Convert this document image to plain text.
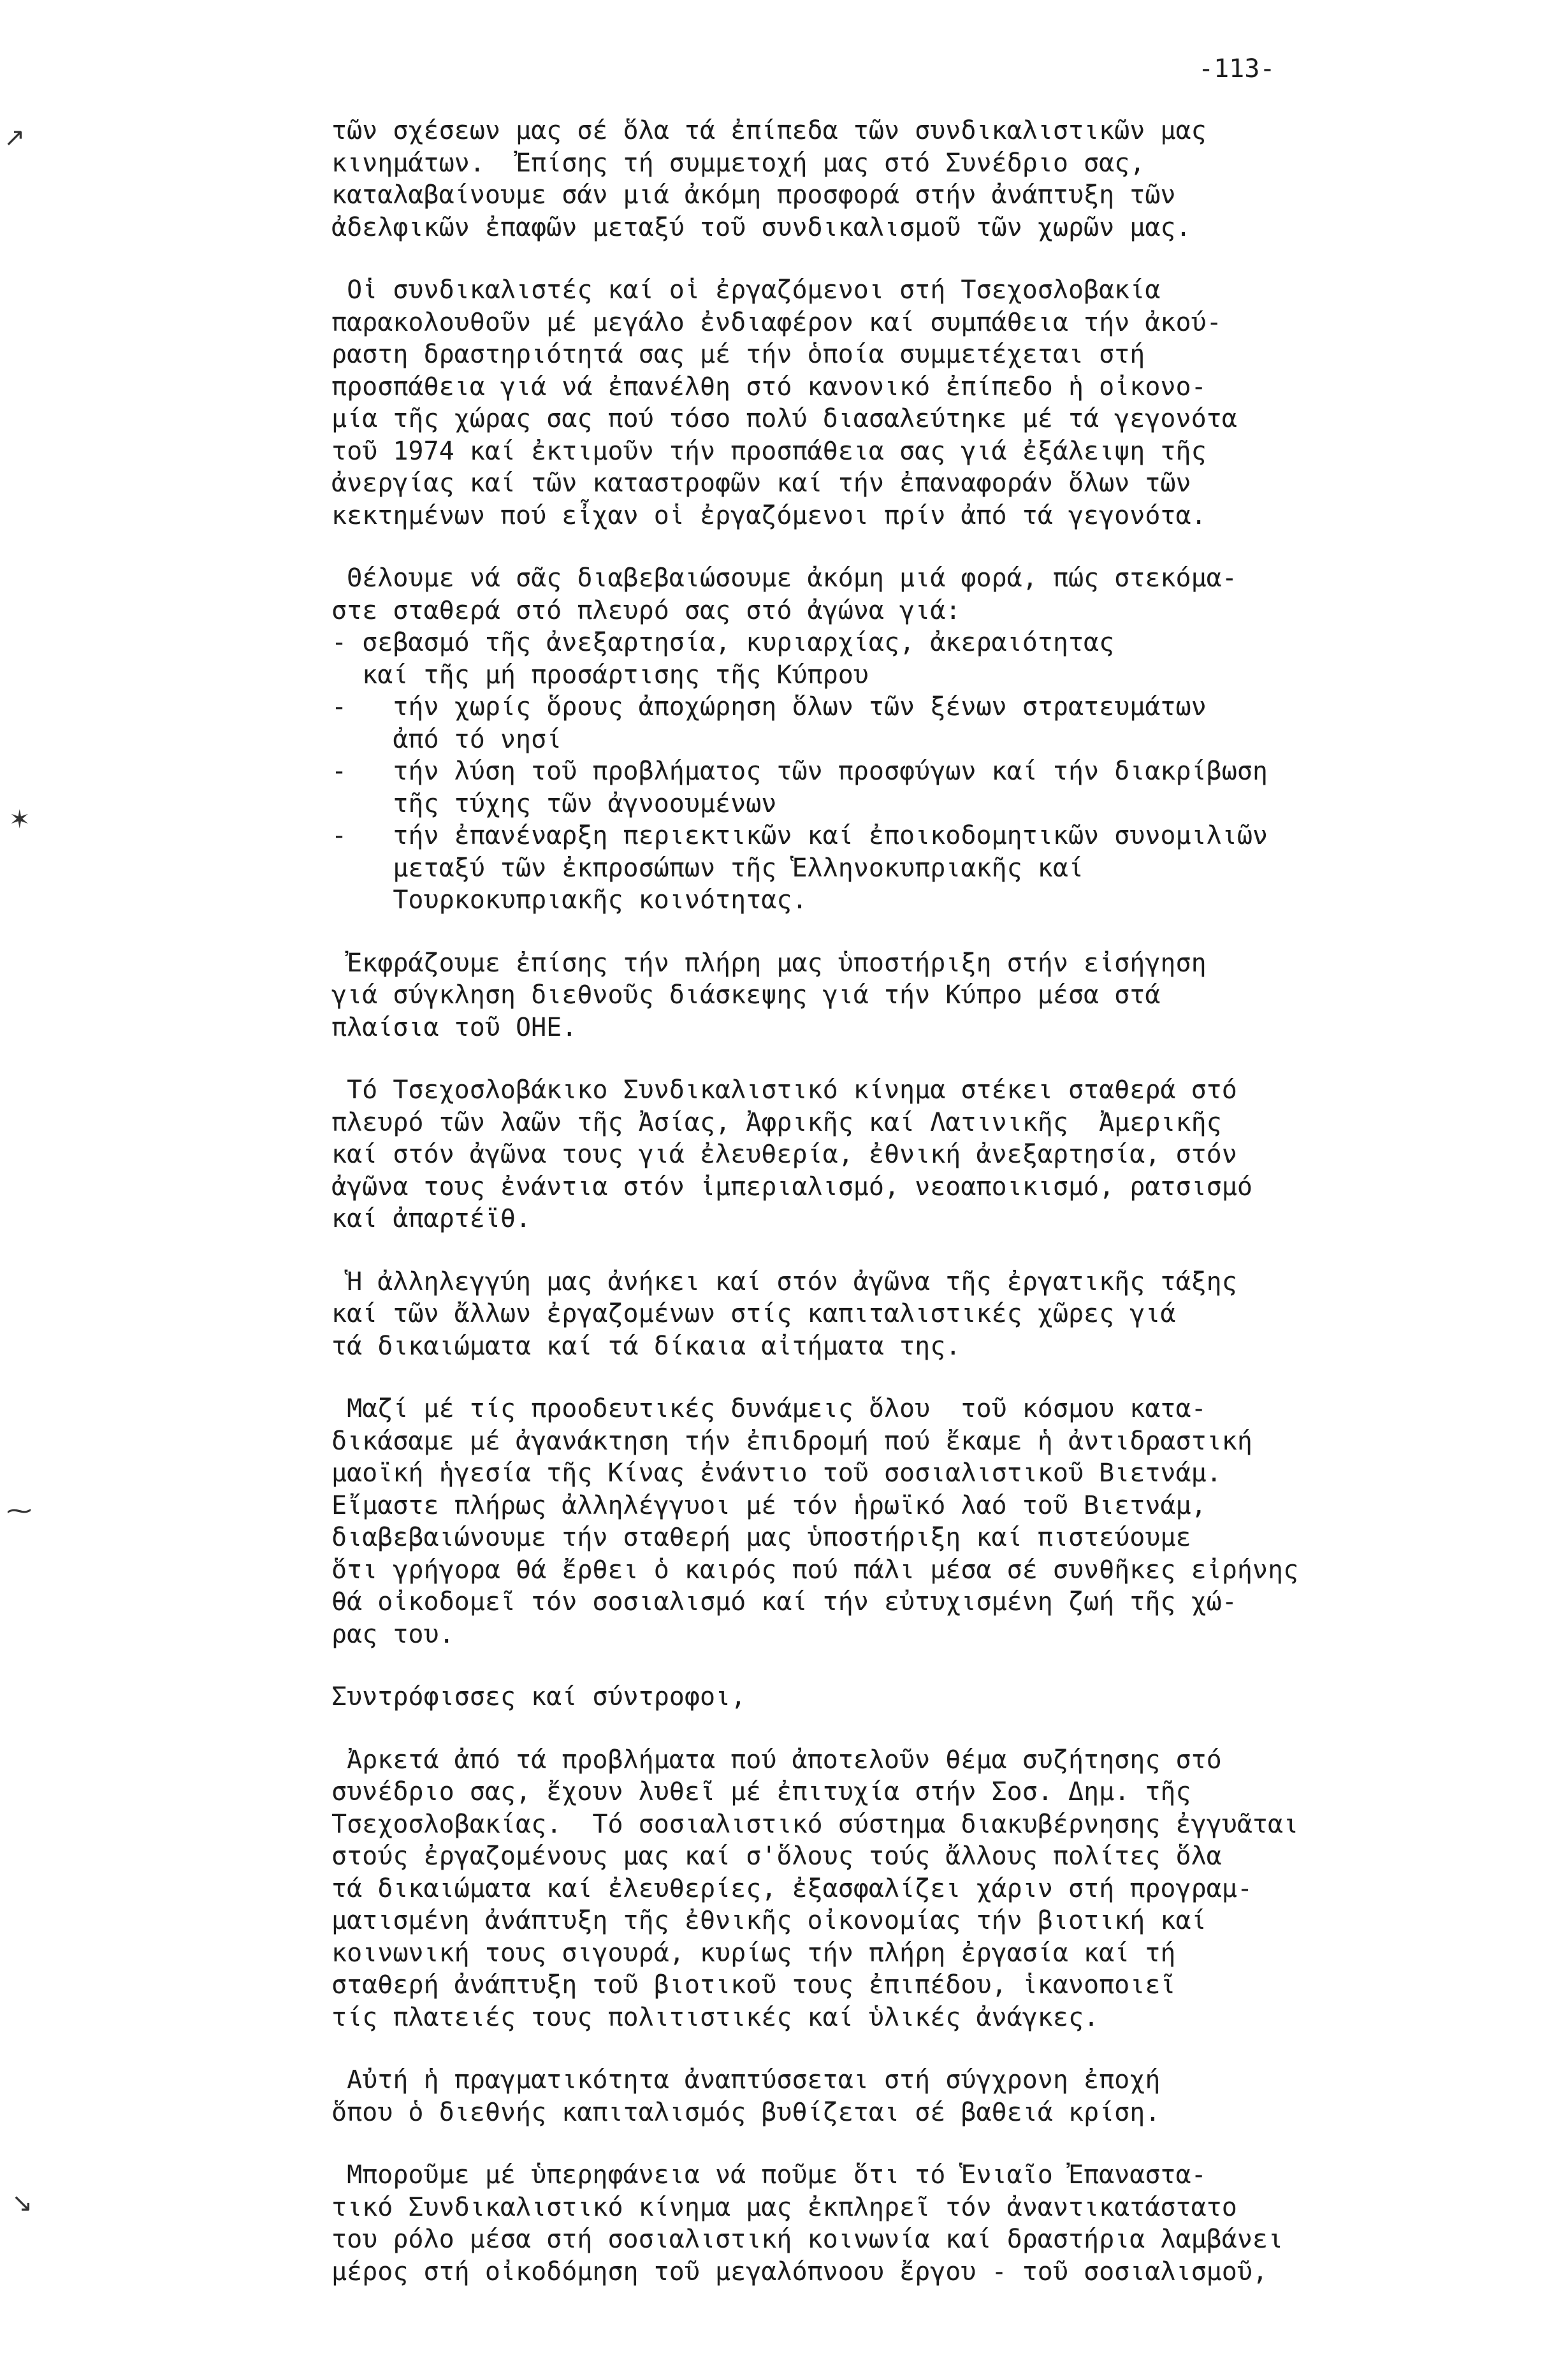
-113-
τῶν σχέσεων μας σέ ὅλα τά ἐπίπεδα τῶν συνδικαλιστικῶν μας
κινημάτων.  Ἐπίσης τή συμμετοχή μας στό Συνέδριο σας,
καταλαβαίνουμε σάν μιά ἀκόμη προσφορά στήν ἀνάπτυξη τῶν
ἀδελφικῶν ἐπαφῶν μεταξύ τοῦ συνδικαλισμοῦ τῶν χωρῶν μας.
Οἱ συνδικαλιστές καί οἱ ἐργαζόμενοι στή Τσεχοσλοβακία
παρακολουθοῦν μέ μεγάλο ἐνδιαφέρον καί συμπάθεια τήν ἀκού-
ραστη δραστηριότητά σας μέ τήν ὁποία συμμετέχεται στή
προσπάθεια γιά νά ἐπανέλθη στό κανονικό ἐπίπεδο ἡ οἰκονο-
μία τῆς χώρας σας πού τόσο πολύ διασαλεύτηκε μέ τά γεγονότα
τοῦ 1974 καί ἐκτιμοῦν τήν προσπάθεια σας γιά ἐξάλειψη τῆς
ἀνεργίας καί τῶν καταστροφῶν καί τήν ἐπαναφοράν ὅλων τῶν
κεκτημένων πού εἶχαν οἱ ἐργαζόμενοι πρίν ἀπό τά γεγονότα.
Θέλουμε νά σᾶς διαβεβαιώσουμε ἀκόμη μιά φορά, πώς στεκόμα-
στε σταθερά στό πλευρό σας στό ἀγώνα γιά:
- σεβασμό τῆς ἀνεξαρτησία, κυριαρχίας, ἀκεραιότητας
καί τῆς μή προσάρτισης τῆς Κύπρου
-   τήν χωρίς ὅρους ἀποχώρηση ὅλων τῶν ξένων στρατευμάτων
ἀπό τό νησί
-   τήν λύση τοῦ προβλήματος τῶν προσφύγων καί τήν διακρίβωση
τῆς τύχης τῶν ἀγνοουμένων
-   τήν ἐπανέναρξη περιεκτικῶν καί ἐποικοδομητικῶν συνομιλιῶν
μεταξύ τῶν ἐκπροσώπων τῆς Ἑλληνοκυπριακῆς καί
Τουρκοκυπριακῆς κοινότητας.
Ἐκφράζουμε ἐπίσης τήν πλήρη μας ὑποστήριξη στήν εἰσήγηση
γιά σύγκληση διεθνοῦς διάσκεψης γιά τήν Κύπρο μέσα στά
πλαίσια τοῦ ΟΗΕ.
Τό Τσεχοσλοβάκικο Συνδικαλιστικό κίνημα στέκει σταθερά στό
πλευρό τῶν λαῶν τῆς Ἀσίας, Ἀφρικῆς καί Λατινικῆς  Ἀμερικῆς
καί στόν ἀγῶνα τους γιά ἐλευθερία, ἐθνική ἀνεξαρτησία, στόν
ἀγῶνα τους ἐνάντια στόν ἰμπεριαλισμό, νεοαποικισμό, ρατσισμό
καί ἀπαρτέϊθ.
Ἡ ἀλληλεγγύη μας ἀνήκει καί στόν ἀγῶνα τῆς ἐργατικῆς τάξης
καί τῶν ἄλλων ἐργαζομένων στίς καπιταλιστικές χῶρες γιά
τά δικαιώματα καί τά δίκαια αἰτήματα της.
Μαζί μέ τίς προοδευτικές δυνάμεις ὅλου  τοῦ κόσμου κατα-
δικάσαμε μέ ἀγανάκτηση τήν ἐπιδρομή πού ἔκαμε ἡ ἀντιδραστική
μαοϊκή ἡγεσία τῆς Κίνας ἐνάντιο τοῦ σοσιαλιστικοῦ Βιετνάμ.
Εἴμαστε πλήρως ἀλληλέγγυοι μέ τόν ἡρωϊκό λαό τοῦ Βιετνάμ,
διαβεβαιώνουμε τήν σταθερή μας ὑποστήριξη καί πιστεύουμε
ὅτι γρήγορα θά ἔρθει ὁ καιρός πού πάλι μέσα σέ συνθῆκες εἰρήνης
θά οἰκοδομεῖ τόν σοσιαλισμό καί τήν εὐτυχισμένη ζωή τῆς χώ-
ρας του.
Συντρόφισσες καί σύντροφοι,
Ἀρκετά ἀπό τά προβλήματα πού ἀποτελοῦν θέμα συζήτησης στό
συνέδριο σας, ἔχουν λυθεῖ μέ ἐπιτυχία στήν Σοσ. Δημ. τῆς
Τσεχοσλοβακίας.  Τό σοσιαλιστικό σύστημα διακυβέρνησης ἐγγυᾶται
στούς ἐργαζομένους μας καί σ'ὅλους τούς ἄλλους πολίτες ὅλα
τά δικαιώματα καί ἐλευθερίες, ἐξασφαλίζει χάριν στή προγραμ-
ματισμένη ἀνάπτυξη τῆς ἐθνικῆς οἰκονομίας τήν βιοτική καί
κοινωνική τους σιγουρά, κυρίως τήν πλήρη ἐργασία καί τή
σταθερή ἀνάπτυξη τοῦ βιοτικοῦ τους ἐπιπέδου, ἱκανοποιεῖ
τίς πλατειές τους πολιτιστικές καί ὑλικές ἀνάγκες.
Αὐτή ἡ πραγματικότητα ἀναπτύσσεται στή σύγχρονη ἐποχή
ὅπου ὁ διεθνής καπιταλισμός βυθίζεται σέ βαθειά κρίση.
Μποροῦμε μέ ὑπερηφάνεια νά ποῦμε ὅτι τό Ἑνιαῖο Ἐπαναστα-
τικό Συνδικαλιστικό κίνημα μας ἐκπληρεῖ τόν ἀναντικατάστατο
του ρόλο μέσα στή σοσιαλιστική κοινωνία καί δραστήρια λαμβάνει
μέρος στή οἰκοδόμηση τοῦ μεγαλόπνοου ἔργου - τοῦ σοσιαλισμοῦ,
↗
✶
⁓
↘
